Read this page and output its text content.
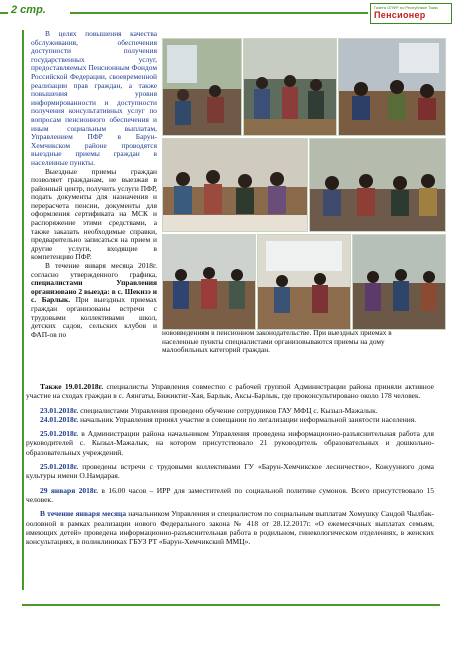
2 стр.	Газета ОПФР по Республике Тыва
Пенсионер

В целях повышения качества обслуживания, обеспечения доступности получения государственных услуг, предоставляемых Пенсионным Фондом Российской Федерации, своевременной реализации прав граждан, а также повышения уровня информированности и доступности получения консультативных услуг по вопросам пенсионного обеспечения и иным социальным выплатам, Управлением ПФР в Барун-Хемчикском районе проводятся выездные приемы граждан в населенные пункты.

Выездные приемы граждан позволяет гражданам, не выезжая в районный центр, получить услуги ПФР, подать документы для назначения и перерасчета пенсии, документы для оформления сертификата на МСК и распоряжение этими средствами, а также заказать необходимые справки, предварительно записаться на прием и другие услуги, входящие в компетенцию ПФР.

В течение января месяца 2018г. согласно утвержденного графика, специалистами Управления организовано 2 выезда: в с. Шекизэ и с. Барлык. При выездных приемах граждан организованы встречи с трудовыми коллективами школ, детских садов, сельских клубов и ФАП-ов по	нововведениям в пенсионном законодательстве. При выездных приемах в населенные пункты специалистами организовываются приемы на дому малообильных категорий граждан.

Также 19.01.2018г. специалисты Управления совместно с рабочей группой Администрации района приняли активное участие на сходах граждан в с. Аянгаты, Бижиктиг-Хая, Барлык, Аксы-Барлык, где проконсультировано около 178 человек.

23.01.2018г. специалистами Управления проведено обучение сотрудников ГАУ МФЦ с. Кызыл-Мажалык.

24.01.2018г. начальник Управления принял участие в совещании по легализации неформальной занятости населения.

25.01.2018г. в Администрации района начальником Управления проведена информационно-разъяснительная работа для руководителей с. Кызыл-Мажалык, на котором присутствовало 21 руководитель образовательных и дошкольно-образовательных учреждений.

25.01.2018г. проведены встречи с трудовыми коллективами ГУ «Барун-Хемчикское лесничество», Кожуунного дома культуры имени О.Намдарая.

29 января 2018г. в 16.00 часов – ИРР для заместителей по социальной политике сумонов. Всего присутствовало 15 человек.

В течение января месяца начальником Управления и специалистом по социальным выплатам Хомушку Сандой Чылбак-ооловной в рамках реализации нового Федерального закона № 418 от 28.12.2017г. «О ежемесячных выплатах семьям, имеющих детей» проведена информационно-разъяснительная работа в родильном, гинекологическом отделениях, в женских консультациях, в поликлиниках ГБУЗ РТ «Барун-Хемчикский ММЦ».
